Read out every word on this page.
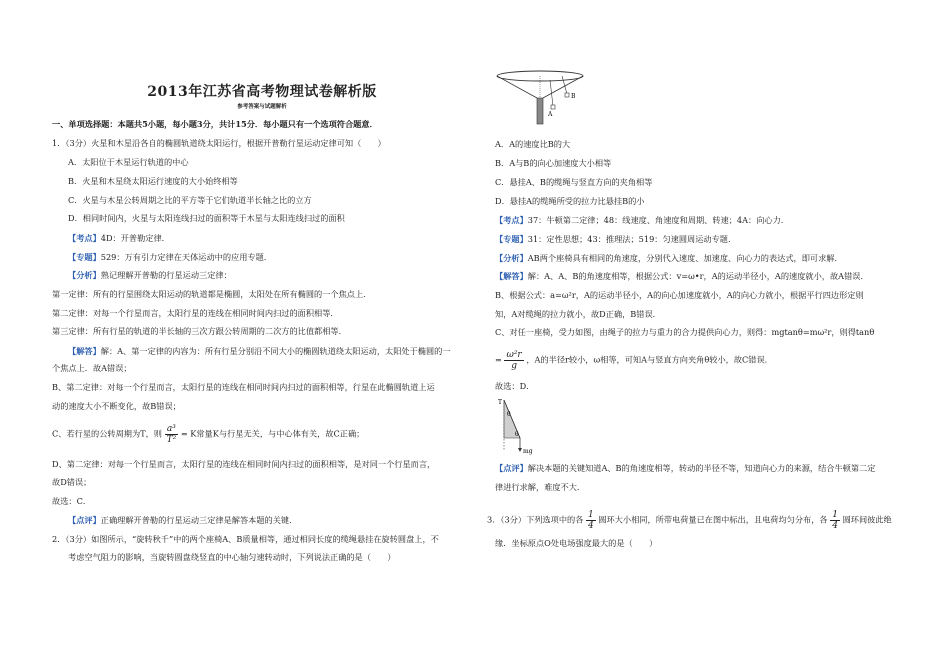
2013年江苏省高考物理试卷解析版
参考答案与试题解析
一、单项选择题：本题共5小题，每小题3分，共计15分．每小题只有一个选项符合题意．
1．（3分）火星和木星沿各自的椭圆轨道绕太阳运行，根据开普勒行星运动定律可知（　　）
A．太阳位于木星运行轨道的中心
B．火星和木星绕太阳运行速度的大小始终相等
C．火星与木星公转周期之比的平方等于它们轨道半长轴之比的立方
D．相同时间内，火星与太阳连线扫过的面积等于木星与太阳连线扫过的面积
【考点】4D：开普勒定律.
【专题】529：万有引力定律在天体运动中的应用专题.
【分析】熟记理解开普勒的行星运动三定律：
第一定律：所有的行星围绕太阳运动的轨道都是椭圆，太阳处在所有椭圆的一个焦点上．
第二定律：对每一个行星而言，太阳行星的连线在相同时间内扫过的面积相等．
第三定律：所有行星的轨道的半长轴的三次方跟公转周期的二次方的比值都相等．
【解答】解：A、第一定律的内容为：所有行星分别沿不同大小的椭圆轨道绕太阳运动，太阳处于椭圆的一
个焦点上．故A错误；
B、第二定律：对每一个行星而言，太阳行星的连线在相同时间内扫过的面积相等，行星在此椭圆轨道上运
动的速度大小不断变化，故B错误；
C、若行星的公转周期为T，则 $\frac{\text{a³}}{\text{T²}} = K$常量K与行星无关，与中心体有关，故C正确；
D、第二定律：对每一个行星而言，太阳行星的连线在相同时间内扫过的面积相等，是对同一个行星而言，
故D错误；
故选：C．
【点评】正确理解开普勒的行星运动三定律是解答本题的关键．
2．（3分）如图所示，“旋转秋千”中的两个座椅A、B质量相等，通过相同长度的缆绳悬挂在旋转圆盘上，不
考虑空气阻力的影响，当旋转圆盘绕竖直的中心轴匀速转动时，下列说法正确的是（　　）
A
B
A．A的速度比B的大
B．A与B的向心加速度大小相等
C．悬挂A、B的缆绳与竖直方向的夹角相等
D．悬挂A的缆绳所受的拉力比悬挂B的小
【考点】37：牛顿第二定律；48：线速度、角速度和周期、转速；4A：向心力.
【专题】31：定性思想；43：推理法；519：匀速圆周运动专题.
【分析】AB两个座椅具有相同的角速度，分别代入速度、加速度、向心力的表达式，即可求解．
【解答】解：A、A、B的角速度相等，根据公式：v=ω•r，A的运动半径小，A的速度就小，故A错误．
B、根据公式：a=ω²r，A的运动半径小，A的向心加速度就小，A的向心力就小，根据平行四边形定则
知，A对缆绳的拉力就小，故D正确，B错误．
C、对任一座椅，受力如图，由绳子的拉力与重力的合力提供向心力，则得：mgtanθ=mω²r，则得tanθ
= $\frac{\text{ω²r}}{g}$ ，A的半径r较小，ω相等，可知A与竖直方向夹角θ较小，故C错误．
故选：D．
【点评】解决本题的关键知道A、B的角速度相等，转动的半径不等，知道向心力的来源，结合牛顿第二定
律进行求解，难度不大．
3．（3分）下列选项中的各 $\frac{1}{4}$ 圆环大小相同，所带电荷量已在图中标出，且电荷均匀分布，各 $\frac{1}{4}$ 圆环间彼此绝
缘．坐标原点O处电场强度最大的是（　　）
T
θ
θ
mg
